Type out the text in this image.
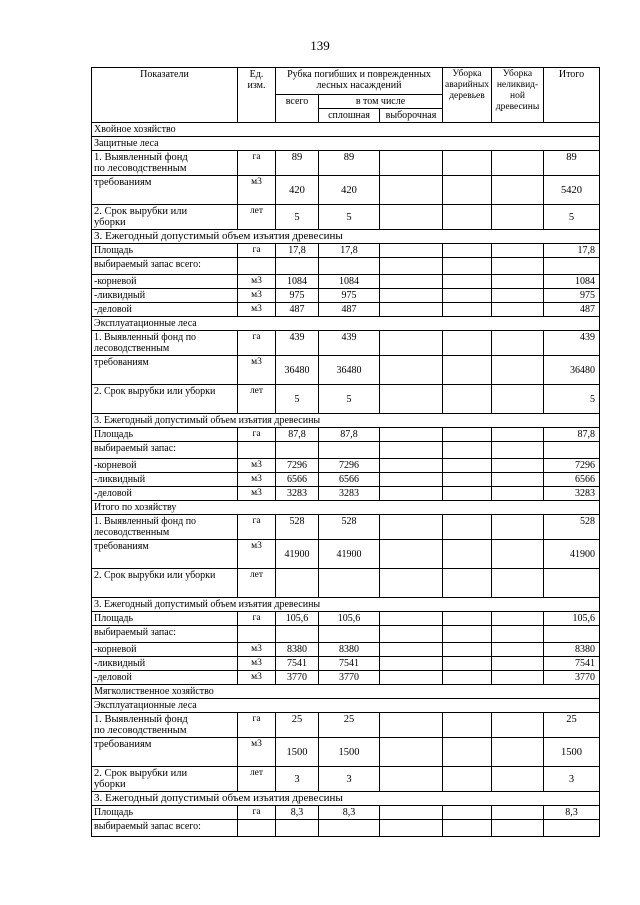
139
Показатели	Ед. изм.	Рубка погибших и поврежденных лесных насаждений			Уборка аварийных деревьев	Уборка неликвид-ной древесины	Итого
		всего	в том числе				
			сплошная	выборочная			
Хвойное хозяйство							
Защитные леса							
1. Выявленный фонд
по лесоводственным	га	89	89				89
требованиям	м3	420	420				5420
2. Срок вырубки или
уборки	лет	5	5				5
3. Ежегодный допустимый объем изъятия древесины							
Площадь	га	17,8	17,8				17,8
выбираемый запас всего:							
-корневой	м3	1084	1084				1084
-ликвидный	м3	975	975				975
-деловой	м3	487	487				487
Эксплуатационные леса							
1. Выявленный фонд по
лесоводственным	га	439	439				439
требованиям	м3	36480	36480				36480
2. Срок вырубки или уборки	лет	5	5				5
3. Ежегодный допустимый объем изъятия древесины							
Площадь	га	87,8	87,8				87,8
выбираемый запас:							
-корневой	м3	7296	7296				7296
-ликвидный	м3	6566	6566				6566
-деловой	м3	3283	3283				3283
Итого по хозяйству							
1. Выявленный фонд по
лесоводственным	га	528	528				528
требованиям	м3	41900	41900				41900
2. Срок вырубки или уборки	лет						
3. Ежегодный допустимый объем изъятия древесины							
Площадь	га	105,6	105,6				105,6
выбираемый запас:							
-корневой	м3	8380	8380				8380
-ликвидный	м3	7541	7541				7541
-деловой	м3	3770	3770				3770
Мягколиственное хозяйство							
Эксплуатационные леса							
1. Выявленный фонд
по лесоводственным	га	25	25				25
требованиям	м3	1500	1500				1500
2. Срок вырубки или
уборки	лет	3	3				3
3. Ежегодный допустимый объем изъятия древесины							
Площадь	га	8,3	8,3				8,3
выбираемый запас всего:							
